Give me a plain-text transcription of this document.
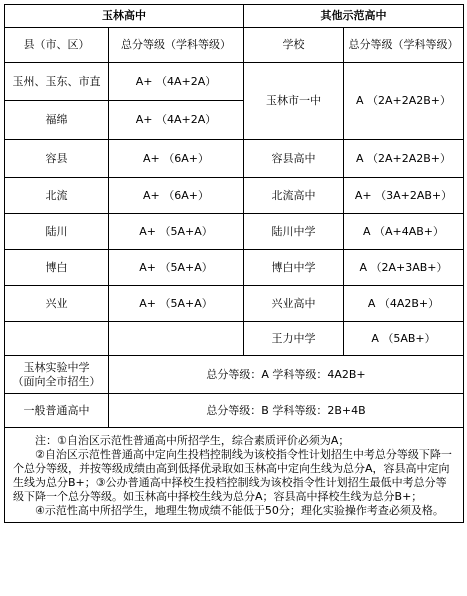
玉林高中		其他示范高中	
县（市、区）	总分等级（学科等级）	学校	总分等级（学科等级）
玉州、玉东、市直	A+ （4A+2A）	玉林市一中	A （2A+2A2B+）
福绵	A+ （4A+2A）		
容县	A+ （6A+）	容县高中	A （2A+2A2B+）
北流	A+ （6A+）	北流高中	A+ （3A+2AB+）
陆川	A+ （5A+A）	陆川中学	A （A+4AB+）
博白	A+ （5A+A）	博白中学	A （2A+3AB+）
兴业	A+ （5A+A）	兴业高中	A （4A2B+）
		王力中学	A （5AB+）

玉林实验中学
（面向全市招生）	总分等级：A 学科等级：4A2B+		
一般普通高中	总分等级：B 学科等级：2B+4B		

注：①自治区示范性普通高中所招学生，综合素质评价必须为A；

②自治区示范性普通高中定向生投档控制线为该校指令性计划招生中考总分等级下降一个总分等级，并按等级成绩由高到低择优录取如玉林高中定向生线为总分A，容县高中定向生线为总分B+；③公办普通高中择校生投档控制线为该校指令性计划招生最低中考总分等级下降一个总分等级。如玉林高中择校生线为总分A；容县高中择校生线为总分B+；

④示范性高中所招学生，地理生物成绩不能低于50分；理化实验操作考查必须及格。			
